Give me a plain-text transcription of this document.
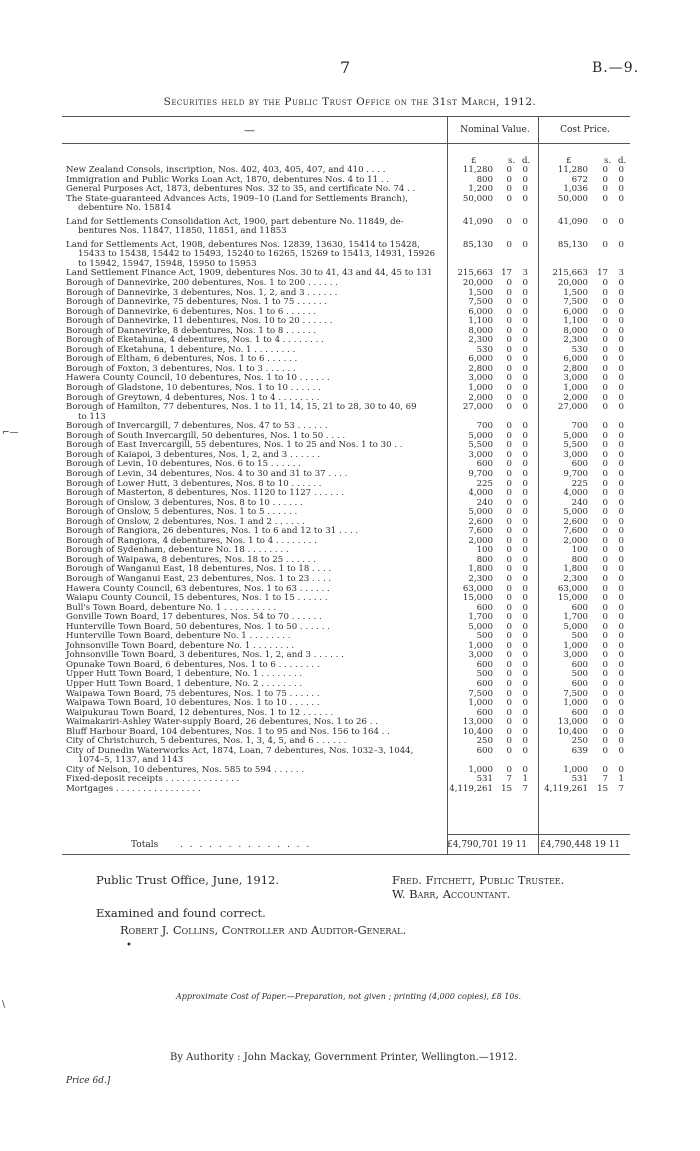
7	B.—9.
Securities held by the Public Trust Office on the 31st March, 1912.
—	Nominal Value.	Cost Price.
£	s. d.	£	s. d.
New Zealand Consols, inscription, Nos. 402, 403, 405, 407, and 410 . . . .	11,280	0	0	11,280	0	0
Immigration and Public Works Loan Act, 1870, debentures Nos. 4 to 11 . .	800	0	0	672	0	0
General Purposes Act, 1873, debentures Nos. 32 to 35, and certificate No. 74 . .	1,200	0	0	1,036	0	0
The State-guaranteed Advances Acts, 1909–10 (Land for Settlements Branch),
debenture No. 15814
50,000	0	0	50,000	0	0
Land for Settlements Consolidation Act, 1900, part debenture No. 11849, de-
bentures Nos. 11847, 11850, 11851, and 11853
41,090	0	0	41,090	0	0
Land for Settlements Act, 1908, debentures Nos. 12839, 13630, 15414 to 15428,
15433 to 15438, 15442 to 15493, 15240 to 16265, 15269 to 15413, 14931, 15926
to 15942, 15947, 15948, 15950 to 15953
85,130	0	0	85,130	0	0
Land Settlement Finance Act, 1909, debentures Nos. 30 to 41, 43 and 44, 45 to 131	215,663 17	3	215,663	17	3
Borough of Dannevirke, 200 debentures, Nos. 1 to 200 . . . . . .	20,000	0	0	20,000	0	0
Borough of Dannevirke, 3 debentures, Nos. 1, 2, and 3 . . . . . .	1,500	0	0	1,500	0	0
Borough of Dannevirke, 75 debentures, Nos. 1 to 75 . . . . . .	7,500	0	0	7,500	0	0
Borough of Dannevirke, 6 debentures, Nos. 1 to 6 . . . . . .	6,000	0	0	6,000	0	0
Borough of Dannevirke, 11 debentures, Nos. 10 to 20 . . . . . .	1,100	0	0	1,100	0	0
Borough of Dannevirke, 8 debentures, Nos. 1 to 8 . . . . . .	8,000	0	0	8,000	0	0
Borough of Eketahuna, 4 debentures, Nos. 1 to 4 . . . . . . . .	2,300	0	0	2,300	0	0
Borough of Eketahuna, 1 debenture, No. 1 . . . . . . . .	530	0	0	530	0	0
Borough of Eltham, 6 debentures, Nos. 1 to 6 . . . . . .	6,000	0	0	6,000	0	0
Borough of Foxton, 3 debentures, Nos. 1 to 3 . . . . . .	2,800	0	0	2,800	0	0
Hawera County Council, 10 debentures, Nos. 1 to 10 . . . . . .	3,000	0	0	3,000	0	0
Borough of Gladstone, 10 debentures, Nos. 1 to 10 . . . . . .	1,000	0	0	1,000	0	0
Borough of Greytown, 4 debentures, Nos. 1 to 4 . . . . . . . .	2,000	0	0	2,000	0	0
Borough of Hamilton, 77 debentures, Nos. 1 to 11, 14, 15, 21 to 28, 30 to 40, 69
to 113
27,000	0	0	27,000	0	0
Borough of Invercargill, 7 debentures, Nos. 47 to 53 . . . . . .	700	0	0	700	0	0
Borough of South Invercargill, 50 debentures, Nos. 1 to 50 . . . .	5,000	0	0	5,000	0	0
Borough of East Invercargill, 55 debentures, Nos. 1 to 25 and Nos. 1 to 30 . .	5,500	0	0	5,500	0	0
Borough of Kaiapoi, 3 debentures, Nos. 1, 2, and 3 . . . . . .	3,000	0	0	3,000	0	0
Borough of Levin, 10 debentures, Nos. 6 to 15 . . . . . .	600	0	0	600	0	0
Borough of Levin, 34 debentures, Nos. 4 to 30 and 31 to 37 . . . .	9,700	0	0	9,700	0	0
Borough of Lower Hutt, 3 debentures, Nos. 8 to 10 . . . . . .	225	0	0	225	0	0
Borough of Masterton, 8 debentures, Nos. 1120 to 1127 . . . . . .	4,000	0	0	4,000	0	0
Borough of Onslow, 3 debentures, Nos. 8 to 10 . . . . . .	240	0	0	240	0	0
Borough of Onslow, 5 debentures, Nos. 1 to 5 . . . . . .	5,000	0	0	5,000	0	0
Borough of Onslow, 2 debentures, Nos. 1 and 2 . . . . . .	2,600	0	0	2,600	0	0
Borough of Rangiora, 26 debentures, Nos. 1 to 6 and 12 to 31 . . . .	7,600	0	0	7,600	0	0
Borough of Rangiora, 4 debentures, Nos. 1 to 4 . . . . . . . .	2,000	0	0	2,000	0	0
Borough of Sydenham, debenture No. 18 . . . . . . . .	100	0	0	100	0	0
Borough of Waipawa, 8 debentures, Nos. 18 to 25 . . . . . .	800	0	0	800	0	0
Borough of Wanganui East, 18 debentures, Nos. 1 to 18 . . . .	1,800	0	0	1,800	0	0
Borough of Wanganui East, 23 debentures, Nos. 1 to 23 . . . .	2,300	0	0	2,300	0	0
Hawera County Council, 63 debentures, Nos. 1 to 63 . . . . . .	63,000	0	0	63,000	0	0
Waiapu County Council, 15 debentures, Nos. 1 to 15 . . . . . .	15,000	0	0	15,000	0	0
Bull's Town Board, debenture No. 1 . . . . . . . . . .	600	0	0	600	0	0
Gonville Town Board, 17 debentures, Nos. 54 to 70 . . . . . .	1,700	0	0	1,700	0	0
Hunterville Town Board, 50 debentures, Nos. 1 to 50 . . . . . .	5,000	0	0	5,000	0	0
Hunterville Town Board, debenture No. 1 . . . . . . . .	500	0	0	500	0	0
Johnsonville Town Board, debenture No. 1 . . . . . . . .	1,000	0	0	1,000	0	0
Johnsonville Town Board, 3 debentures, Nos. 1, 2, and 3 . . . . . .	3,000	0	0	3,000	0	0
Opunake Town Board, 6 debentures, Nos. 1 to 6 . . . . . . . .	600	0	0	600	0	0
Upper Hutt Town Board, 1 debenture, No. 1 . . . . . . . .	500	0	0	500	0	0
Upper Hutt Town Board, 1 debenture, No. 2 . . . . . . . .	600	0	0	600	0	0
Waipawa Town Board, 75 debentures, Nos. 1 to 75 . . . . . .	7,500	0	0	7,500	0	0
Waipawa Town Board, 10 debentures, Nos. 1 to 10 . . . . . .	1,000	0	0	1,000	0	0
Waipukurau Town Board, 12 debentures, Nos. 1 to 12 . . . . . .	600	0	0	600	0	0
Waimakariri-Ashley Water-supply Board, 26 debentures, Nos. 1 to 26 . .	13,000	0	0	13,000	0	0
Bluff Harbour Board, 104 debentures, Nos. 1 to 95 and Nos. 156 to 164 . .	10,400	0	0	10,400	0	0
City of Christchurch, 5 debentures, Nos. 1, 3, 4, 5, and 6 . . . . . .	250	0	0	250	0	0
City of Dunedin Waterworks Act, 1874, Loan, 7 debentures, Nos. 1032–3, 1044,
1074–5, 1137, and 1143
600	0	0	639	0	0
City of Nelson, 10 debentures, Nos. 585 to 594 . . . . . .	1,000	0	0	1,000	0	0
Fixed-deposit receipts . . . . . . . . . . . . . .	531	7	1	531	7	1
Mortgages . . . . . . . . . . . . . . . .	4,119,261 15	7	4,119,261	15	7
Totals . . . . . . . . . . . . . .	£4,790,701 19 11 £4,790,448 19 11
Public Trust Office, June, 1912.	Fred. Fitchett, Public Trustee.
W. Barr, Accountant.
Examined and found correct.
Robert J. Collins, Controller and Auditor-General.
•
Approximate Cost of Paper.—Preparation, not given ; printing (4,000 copies), £8 10s.
By Authority : John Mackay, Government Printer, Wellington.—1912.
Price 6d.]
⌐—
\
